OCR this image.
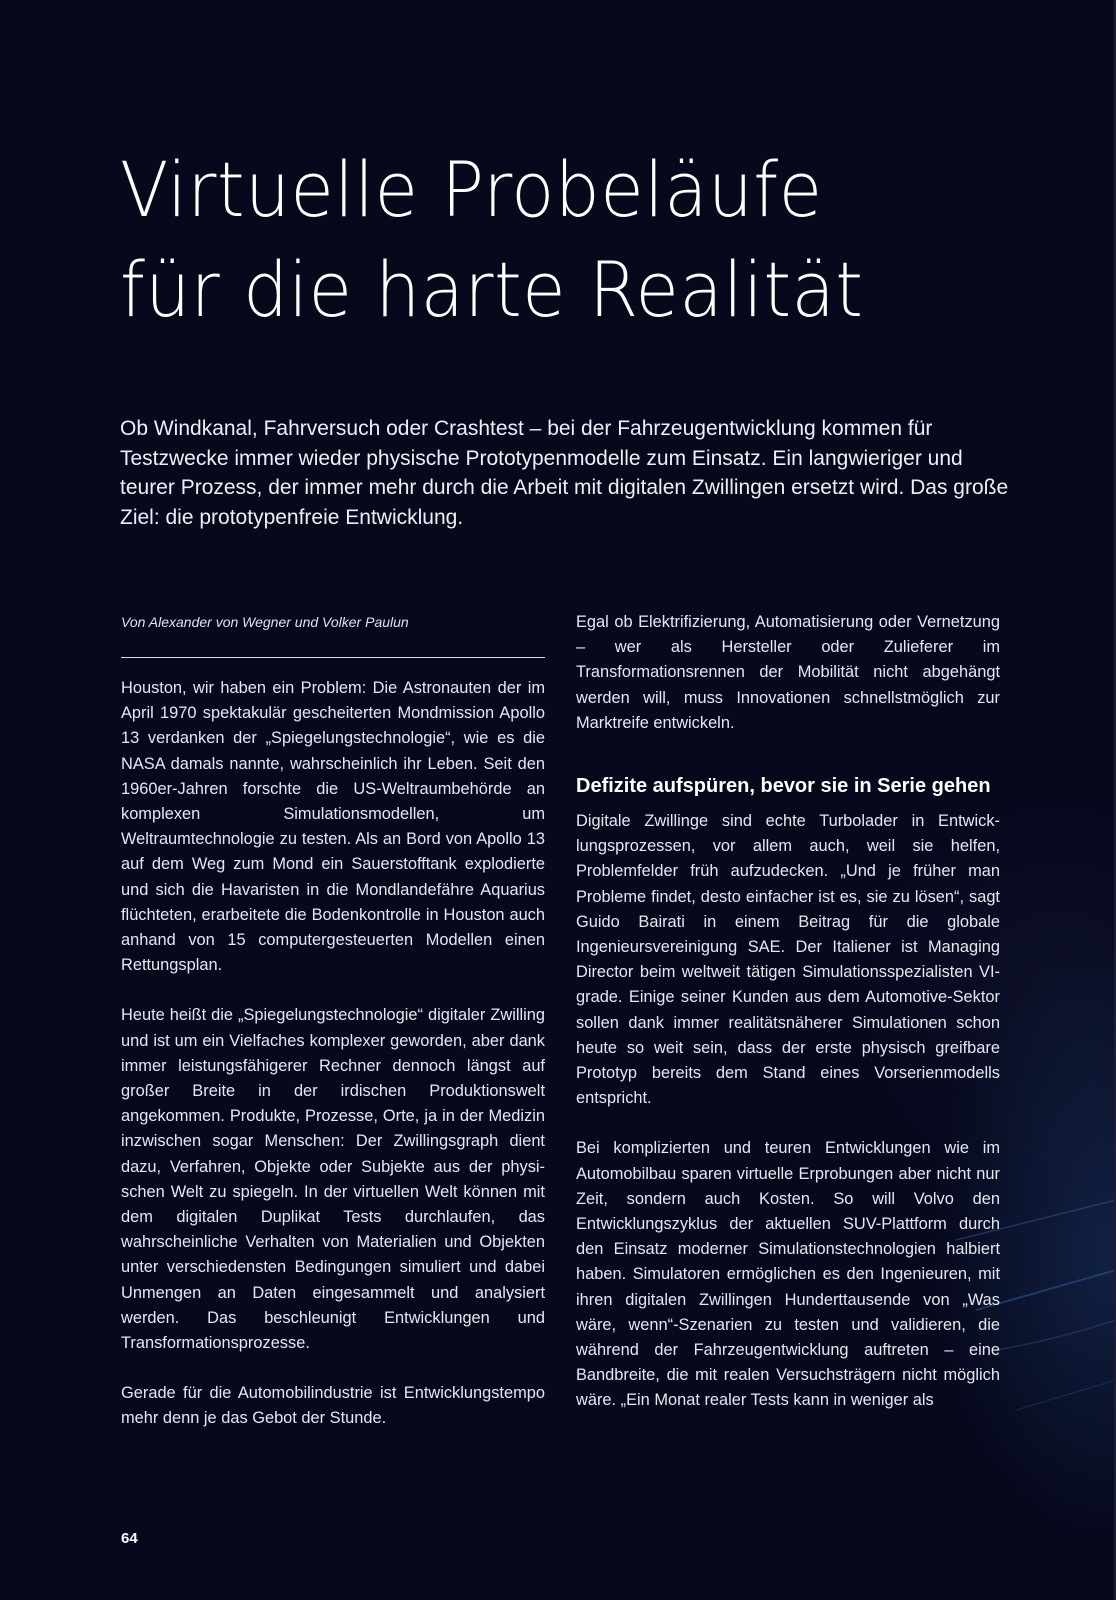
Virtuelle Probeläufe
für die harte Realität

Ob Windkanal, Fahrversuch oder Crashtest – bei der Fahrzeugentwicklung kommen für Testzwecke immer wieder physische Prototypenmodelle zum Einsatz. Ein langwieriger und teurer Prozess, der immer mehr durch die Arbeit mit digitalen Zwillingen ersetzt wird. Das große Ziel: die prototypenfreie Entwicklung.

Von Alexander von Wegner und Volker Paulun

Houston, wir haben ein Problem: Die Astronauten der im April 1970 spektakulär gescheiterten Mondmission Apollo 13 verdanken der „Spiegelungstechnologie“, wie es die NASA damals nannte, wahrscheinlich ihr Leben. Seit den 1960er-Jahren forschte die US-Weltraumbehörde an komplexen Simulationsmodellen, um Weltraumtechnologie zu testen. Als an Bord von Apollo 13 auf dem Weg zum Mond ein Sauerstofftank explodierte und sich die Havaristen in die Mondlandefähre Aquarius flüchteten, erarbeitete die Bodenkontrolle in Houston auch anhand von 15 computergesteuerten Modellen einen Rettungsplan.

Heute heißt die „Spiegelungstechnologie“ digitaler Zwilling und ist um ein Vielfaches komplexer geworden, aber dank immer leistungsfähigerer Rechner dennoch längst auf großer Breite in der irdischen Produktionswelt angekommen. Produkte, Prozesse, Orte, ja in der Medizin inzwischen sogar Menschen: Der Zwillingsgraph dient dazu, Verfahren, Objekte oder Subjekte aus der physischen Welt zu spiegeln. In der virtuellen Welt können mit dem digitalen Duplikat Tests durchlaufen, das wahrscheinliche Verhalten von Materialien und Objekten unter verschiedensten Bedingungen simuliert und dabei Unmengen an Daten eingesammelt und analysiert werden. Das beschleunigt Entwicklungen und Transformationsprozesse.

Gerade für die Automobilindustrie ist Entwicklungstempo mehr denn je das Gebot der Stunde.

Egal ob Elektrifizierung, Automatisierung oder Vernetzung – wer als Hersteller oder Zulieferer im Transformationsrennen der Mobilität nicht abgehängt werden will, muss Innovationen schnellstmöglich zur Marktreife entwickeln.

Defizite aufspüren, bevor sie in Serie gehen

Digitale Zwillinge sind echte Turbolader in Entwicklungsprozessen, vor allem auch, weil sie helfen, Problemfelder früh aufzudecken. „Und je früher man Probleme findet, desto einfacher ist es, sie zu lösen“, sagt Guido Bairati in einem Beitrag für die globale Ingenieursvereinigung SAE. Der Italiener ist Managing Director beim weltweit tätigen Simulationsspezialisten VI-grade. Einige seiner Kunden aus dem Automotive-Sektor sollen dank immer realitätsnäherer Simulationen schon heute so weit sein, dass der erste physisch greifbare Prototyp bereits dem Stand eines Vorserienmodells entspricht.

Bei komplizierten und teuren Entwicklungen wie im Automobilbau sparen virtuelle Erprobungen aber nicht nur Zeit, sondern auch Kosten. So will Volvo den Entwicklungszyklus der aktuellen SUV-Plattform durch den Einsatz moderner Simulationstechnologien halbiert haben. Simulatoren ermöglichen es den Ingenieuren, mit ihren digitalen Zwillingen Hunderttausende von „Was wäre, wenn“-Szenarien zu testen und validieren, die während der Fahrzeugentwicklung auftreten – eine Bandbreite, die mit realen Versuchsträgern nicht möglich wäre. „Ein Monat realer Tests kann in weniger als

64
